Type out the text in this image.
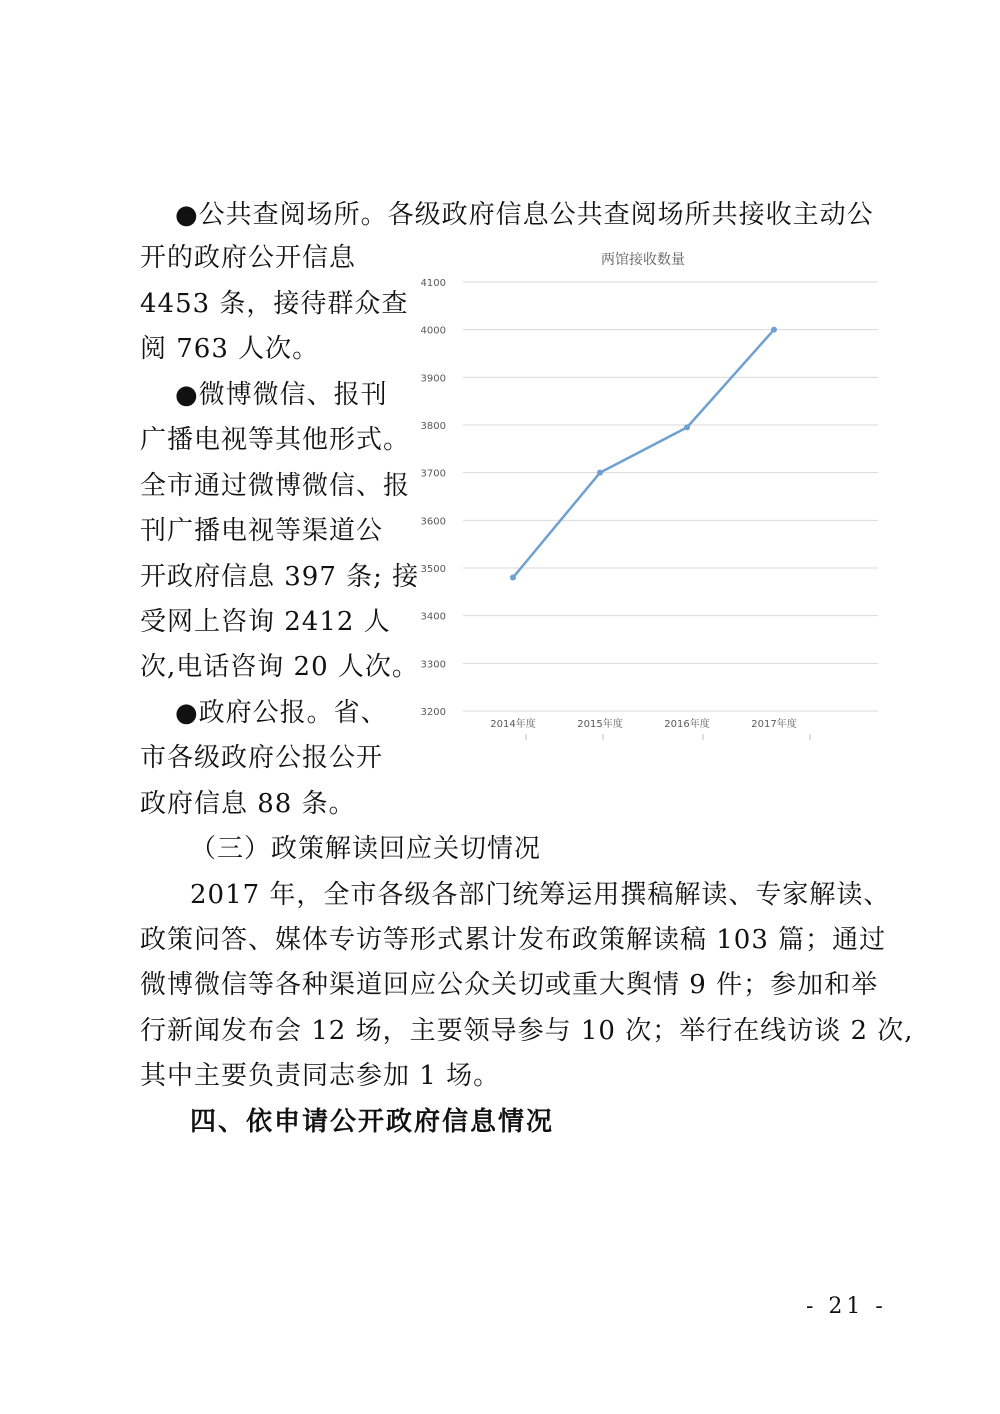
●公共查阅场所。各级政府信息公共查阅场所共接收主动公
开的政府公开信息
4453 条，接待群众查
阅 763 人次。
●微博微信、报刊
广播电视等其他形式。
全市通过微博微信、报
刊广播电视等渠道公
开政府信息 397 条; 接
受网上咨询 2412 人
次,电话咨询 20 人次。
●政府公报。省、
市各级政府公报公开
政府信息 88 条。
（三）政策解读回应关切情况
2017 年，全市各级各部门统筹运用撰稿解读、专家解读、
政策问答、媒体专访等形式累计发布政策解读稿 103 篇；通过
微博微信等各种渠道回应公众关切或重大舆情 9 件；参加和举
行新闻发布会 12 场，主要领导参与 10 次；举行在线访谈 2 次,
其中主要负责同志参加 1 场。
四、依申请公开政府信息情况
两馆接收数量
3200
3300
3400
3500
3600
3700
3800
3900
4000
4100
2014年度	2015年度	2016年度	2017年度
- 21 -
